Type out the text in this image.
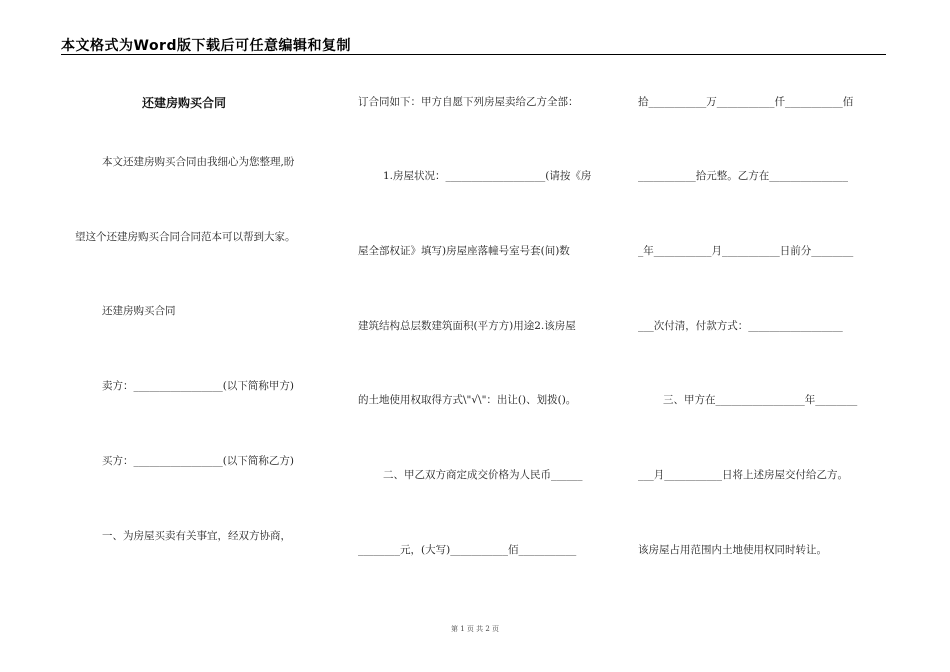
本文格式为Word版下载后可任意编辑和复制
还建房购买合同
本文还建房购买合同由我细心为您整理,盼
望这个还建房购买合同合同范本可以帮到大家。
还建房购买合同
卖方：_________________(以下简称甲方)
买方：_________________(以下简称乙方)
一、为房屋买卖有关事宜，经双方协商，
订合同如下：甲方自愿下列房屋卖给乙方全部：
1.房屋状况：___________________(请按《房
屋全部权证》填写)房屋座落幢号室号套(间)数
建筑结构总层数建筑面积(平方方)用途2.该房屋
的土地使用权取得方式\"√\"：出让()、划拨()。
二、甲乙双方商定成交价格为人民币______
________元，(大写)___________佰___________
拾___________万___________仟___________佰
___________拾元整。乙方在_______________
_年___________月___________日前分________
___次付清，付款方式：__________________
三、甲方在_________________年________
___月___________日将上述房屋交付给乙方。
该房屋占用范围内土地使用权同时转让。
第 1 页 共 2 页
